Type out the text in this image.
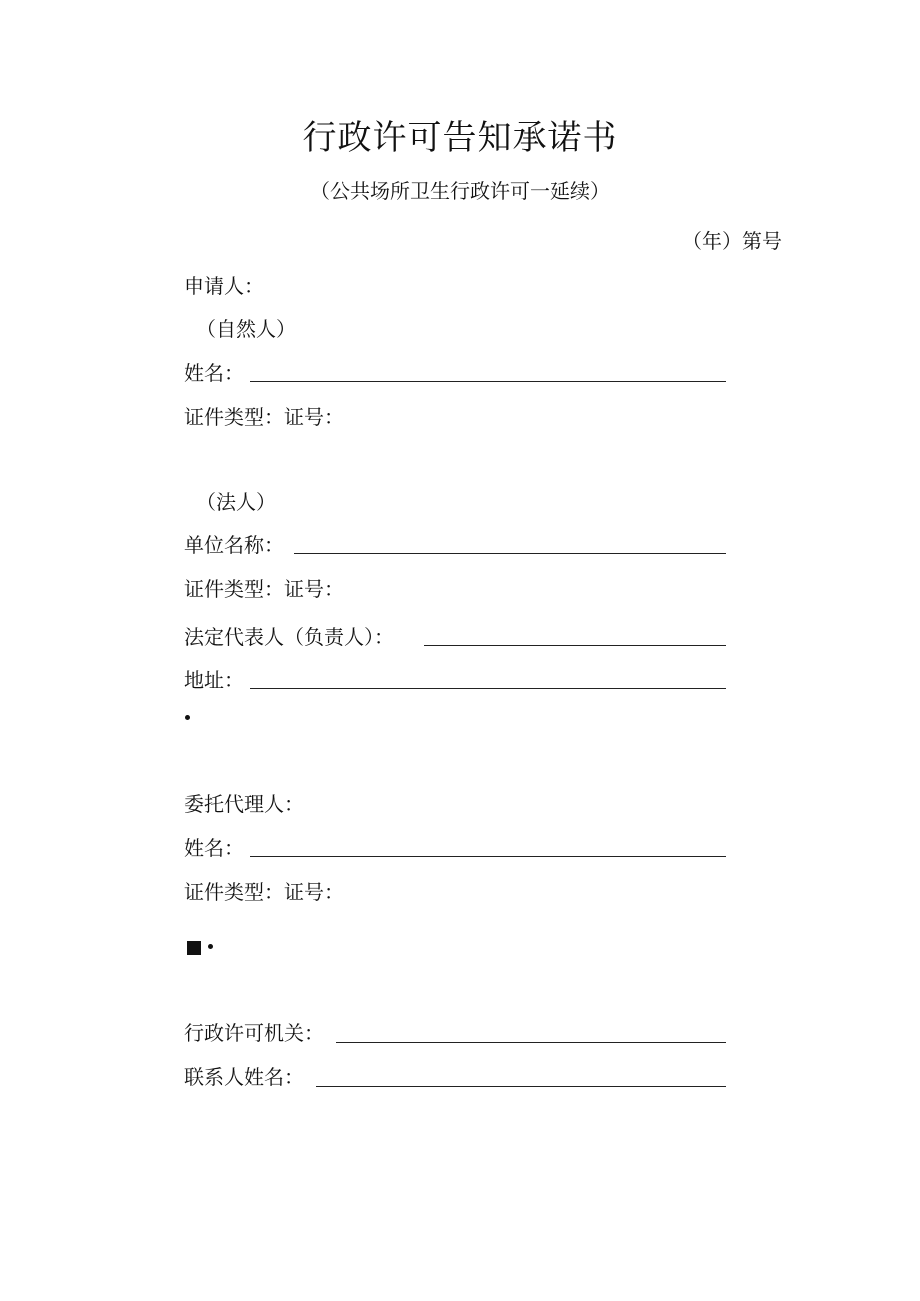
行政许可告知承诺书
（公共场所卫生行政许可一延续）
（年）第号
申请人：
（自然人）
姓名：
证件类型：证号：
（法人）
单位名称：
证件类型：证号：
法定代表人（负责人）：
地址：
委托代理人：
姓名：
证件类型：证号：
行政许可机关：
联系人姓名：
